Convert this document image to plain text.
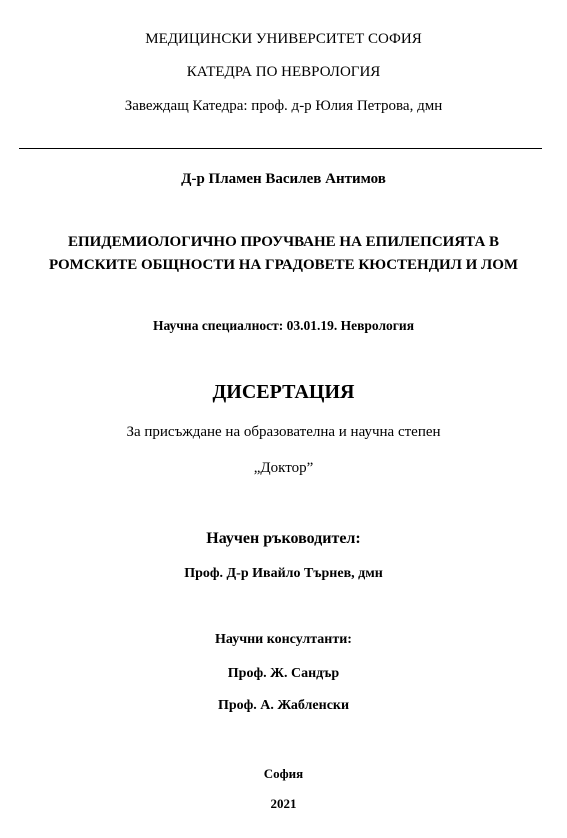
МЕДИЦИНСКИ УНИВЕРСИТЕТ СОФИЯ
КАТЕДРА ПО НЕВРОЛОГИЯ
Завеждащ Катедра: проф. д-р Юлия Петрова, дмн
Д-р Пламен Василев Антимов
ЕПИДЕМИОЛОГИЧНО ПРОУЧВАНЕ НА ЕПИЛЕПСИЯТА В
РОМСКИТЕ ОБЩНОСТИ НА ГРАДОВЕТЕ КЮСТЕНДИЛ И ЛОМ
Научна специалност: 03.01.19. Неврология
ДИСЕРТАЦИЯ
За присъждане на образователна и научна степен
„Доктор”
Научен ръководител:
Проф. Д-р Ивайло Търнев, дмн
Научни консултанти:
Проф. Ж. Сандър
Проф. А. Жабленски
София
2021
